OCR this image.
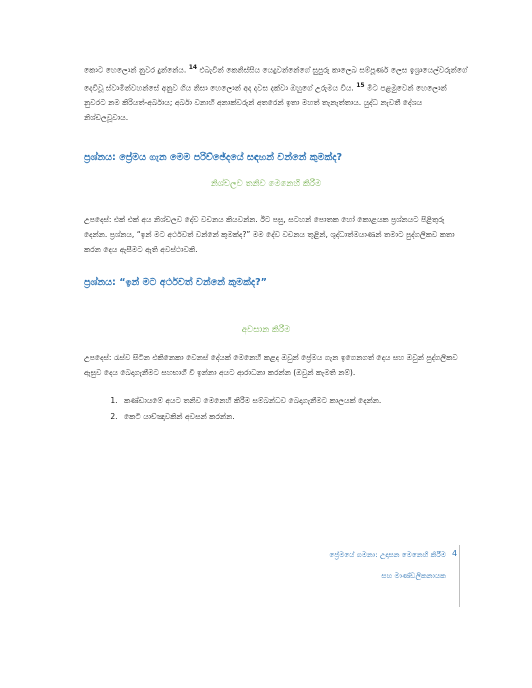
කොට හෙලොන් නුවර දුන්නේය. $^{14}$ එබැවින් කෙනිස්සිය යෙදුවන්නේගේ සුපුරු කාලෙබ සම්පූර්ණ ලෙස ඉශ්‍රායෙල්වරුන්ගේ දෙවිවූ ස්වාමීන්වහන්සේ අනුව ගිය නිසා හෙලොන් අද දවස දක්වා ඔහුගේ උරුමය විය. $^{15}$ මීට පළමුවෙන් හෙලොන් නුවරට නම කිරියත්-අර්බාය; අර්බා වනාහි අනාක්වරුන් අතරෙන් ඉතා මහත් තැනැත්තාය. යුද්ධ නැවතී දේශය නිශ්චලවූවාය.

ප්‍රශ්නය: ප්‍රේමය ගැන මෙම පරිච්ඡේදයේ සඳහන් වන්නේ කුමක්ද?

නිශ්චලව තනිව මෙනෙහි කිරීම

උපදෙස්: එක් එක් අය නිශ්චලව දේව වචනය කියවන්න. ඊට පසු, සටහන් පොතක හෝ කොළයක ප්‍රශ්නයට පිළිතුරු දෙන්න. ප්‍රශ්නය, “ඉන් මට අර්ථවත් වන්නේ කුමක්ද?” මම දේව වචනය තුළින්, ශුද්ධාත්මයාණන් තමාට පුද්ගලිකව කතා කරන දෙය ඇසීමට ඇති අවස්ථාවකි.

ප්‍රශ්නය: “ඉන් මට අර්ථවත් වන්නේ කුමක්ද?”

අවසාන කිරීම

උපදෙස්: රැස්ව සිටින එකිනෙකා වෙනස් දේයක් මෙනෙහි කළද ඔවුන් ප්‍රේමය ගැන ඉගෙනගත් දෙය සහ ඔවුන් පුද්ගලිකව ඇසුව දෙය බෙදාගැනීමට සහභාගී වී ඉන්නා අයට ආරාධනා කරන්න (ඔවුන් කැමති නම්).

1. කණ්ඩායමේ අයට තනිව මෙනෙහි කිරීම සම්බන්ධව බෙදාගැනීමට කාලයක් දෙන්න.
2. කෙටි යාච්ඤාවකින් අවසන් කරන්න.
ප්‍රේමයේ ගමනා: උදාසන මෙනෙහි කිරීම
සහ මාණ්ඩලිකනායක
4
